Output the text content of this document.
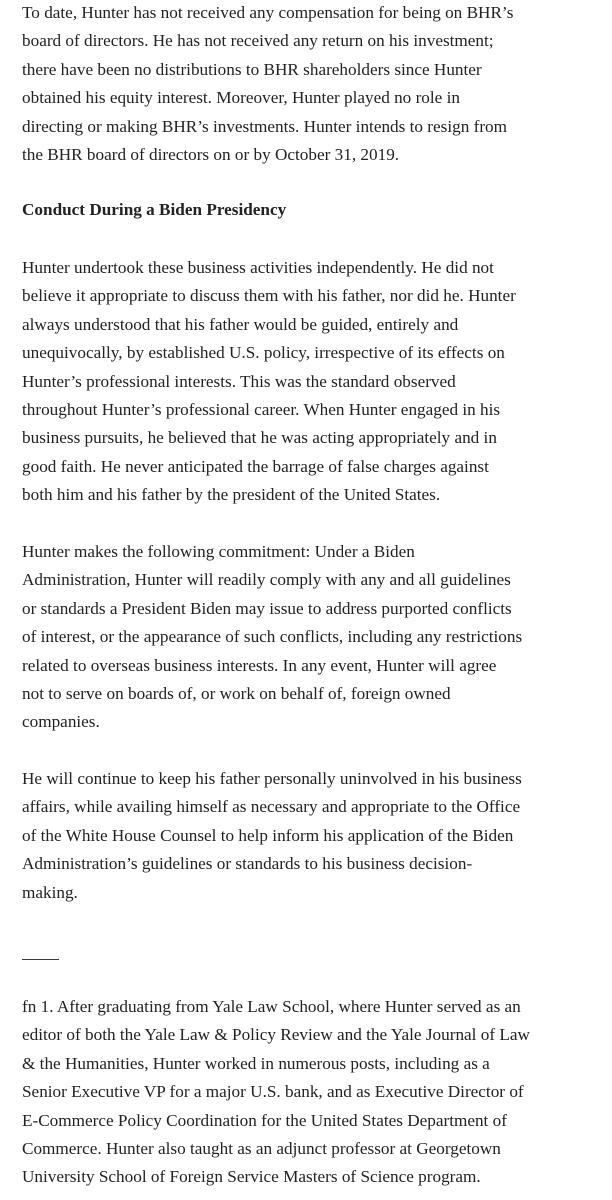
To date, Hunter has not received any compensation for being on BHR’s
board of directors. He has not received any return on his investment;
there have been no distributions to BHR shareholders since Hunter
obtained his equity interest. Moreover, Hunter played no role in
directing or making BHR’s investments. Hunter intends to resign from
the BHR board of directors on or by October 31, 2019.
Conduct During a Biden Presidency
Hunter undertook these business activities independently. He did not
believe it appropriate to discuss them with his father, nor did he. Hunter
always understood that his father would be guided, entirely and
unequivocally, by established U.S. policy, irrespective of its effects on
Hunter’s professional interests. This was the standard observed
throughout Hunter’s professional career. When Hunter engaged in his
business pursuits, he believed that he was acting appropriately and in
good faith. He never anticipated the barrage of false charges against
both him and his father by the president of the United States.
Hunter makes the following commitment: Under a Biden
Administration, Hunter will readily comply with any and all guidelines
or standards a President Biden may issue to address purported conflicts
of interest, or the appearance of such conflicts, including any restrictions
related to overseas business interests. In any event, Hunter will agree
not to serve on boards of, or work on behalf of, foreign owned
companies.
He will continue to keep his father personally uninvolved in his business
affairs, while availing himself as necessary and appropriate to the Office
of the White House Counsel to help inform his application of the Biden
Administration’s guidelines or standards to his business decision-
making.
fn 1. After graduating from Yale Law School, where Hunter served as an
editor of both the Yale Law & Policy Review and the Yale Journal of Law
& the Humanities, Hunter worked in numerous posts, including as a
Senior Executive VP for a major U.S. bank, and as Executive Director of
E-Commerce Policy Coordination for the United States Department of
Commerce. Hunter also taught as an adjunct professor at Georgetown
University School of Foreign Service Masters of Science program.
